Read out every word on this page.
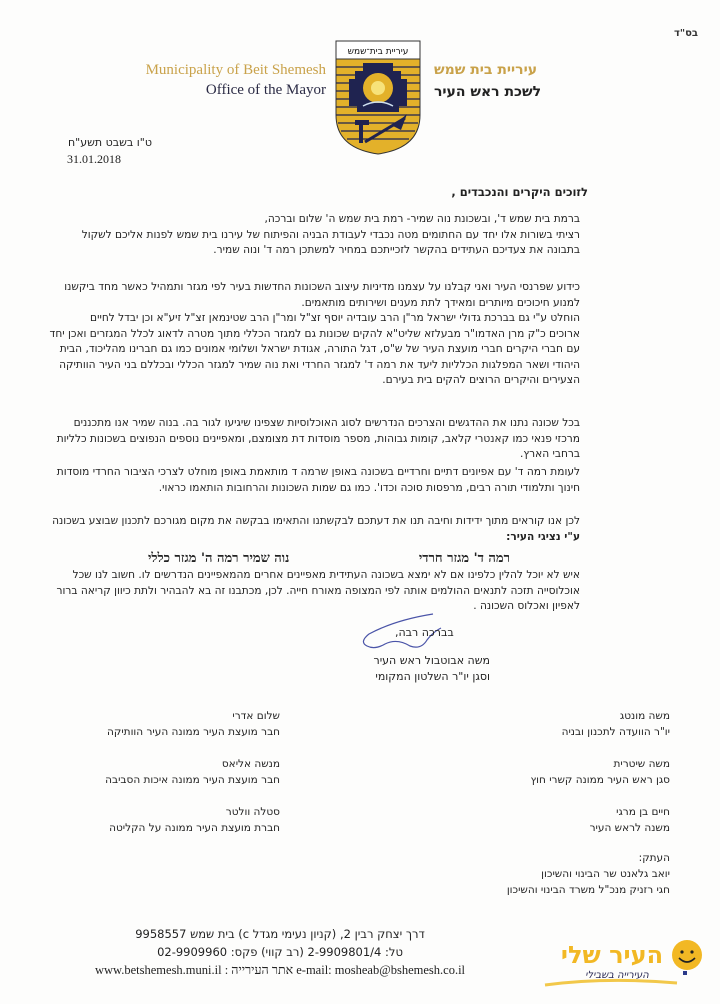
בס"ד
Municipality of Beit Shemesh
Office of the Mayor
עיריית בית־שמש
עיריית בית שמש
לשכת ראש העיר
ט"ו בשבט תשע"ח
31.01.2018
לזוכים היקרים והנכבדים ,

ברמת בית שמש ד', ובשכונת נוה שמיר- רמת בית שמש ה' שלום וברכה,

רציתי בשורות אלו יחד עם החתומים מטה נכבדי לעבודת הבניה והפיתוח של עירנו בית שמש לפנות אליכם לשקול

בתבונה את צעדיכם העתידים בהקשר לזכייתכם במחיר למשתכן רמה ד' ונוה שמיר.

כידוע שפרנסי העיר ואני קבלנו על עצמנו מדיניות עיצוב השכונות החדשות בעיר לפי מגזר ותמהיל כאשר מחד ביקשנו

למנוע חיכוכים מיותרים ומאידך לתת מענים ושירותים מותאמים.

הוחלט ע"י גם בברכת גדולי ישראל מר"ן הרב עובדיה יוסף זצ"ל ומר"ן הרב שטינמאן זצ"ל זיע"א וכן יבדל לחיים

ארוכים כ"ק מרן האדמו"ר מבעלזא שליט"א להקים שכונות גם למגזר הכללי מתוך מטרה לדאוג לכלל המגזרים ואכן יחד

עם חברי היקרים חברי מועצת העיר של ש"ס, דגל התורה, אגודת ישראל ושלומי אמונים כמו גם חברינו מהליכוד, הבית

היהודי ושאר המפלגות הכלליות ליעד את רמה ד' למגזר החרדי ואת נוה שמיר למגזר הכללי ובכללם בני העיר הוותיקה

הצעירים והיקרים הרוצים להקים בית בעירם.

בכל שכונה נתנו את ההדגשים והצרכים הנדרשים לסוג האוכלוסיות שצפינו שיגיעו לגור בה. בנוה שמיר אנו מתכננים

מרכזי פנאי כמו קאנטרי קלאב, קומות גבוהות, מספר מוסדות דת מצומצם, ומאפיינים נוספים הנפוצים בשכונות כלליות

ברחבי הארץ.

לעומת רמה ד' עם אפיונים דתיים וחרדיים בשכונה באופן שרמה ד מותאמת באופן מוחלט לצרכי הציבור החרדי מוסדות

חינוך ותלמודי תורה רבים, מרפסות סוכה וכדו'. כמו גם שמות השכונות והרחובות הותאמו כראוי.

לכן אנו קוראים מתוך ידידות וחיבה תנו את דעתכם לבקשתנו והתאימו בבקשה את מקום מגורכם לתכנון שבוצע בשכונה

ע"י נציגי העיר:

רמה ד' מגזר חרדי
נוה שמיר רמה ה' מגזר כללי

איש לא יוכל להלין כלפינו אם לא ימצא בשכונה העתידית מאפיינים אחרים מהמאפיינים הנדרשים לו. חשוב לנו שכל

אוכלוסייה תזכה לתנאים ההולמים אותה לפי המצופה מאורח חייה. לכן, מכתבנו זה בא להבהיר ולתת כיוון קריאה ברור

לאפיון ואכלוס השכונה .

בברכה רבה,
משה אבוטבול ראש העיר
וסגן יו"ר השלטון המקומי
משה מונטג
יו"ר הוועדה לתכנון ובניה
שלום אדרי
חבר מועצת העיר ממונה העיר הוותיקה
משה שיטרית
סגן ראש העיר ממונה קשרי חוץ
מנשה אליאס
חבר מועצת העיר ממונה איכות הסביבה
חיים בן מרגי
משנה לראש העיר
סטלה וולטר
חברת מועצת העיר ממונה על הקליטה
העתק:
יואב גלאנט שר הבינוי והשיכון
חגי רזניק מנכ"ל משרד הבינוי והשיכון
דרך יצחק רבין 2, (קניון נעימי מגדל c) בית שמש 9958557
טל: 2-9909801/4 (רב קווי) פקס: 02-9909960
www.betshemesh.muni.il : אתר העירייה e-mail: mosheab@bshemesh.co.il
העיר שלי
העירייה בשבילי
